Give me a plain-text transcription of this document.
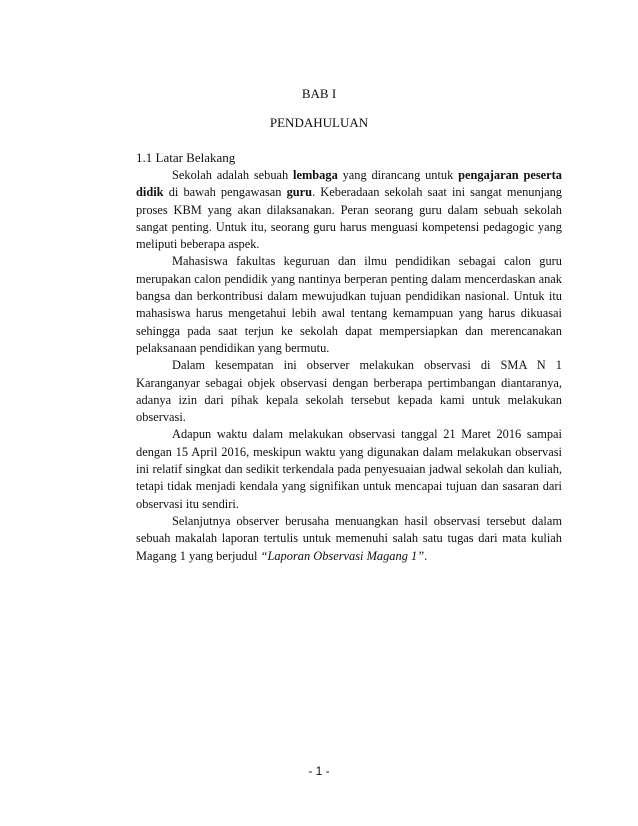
BAB I
PENDAHULUAN
1.1 Latar Belakang

Sekolah adalah sebuah lembaga yang dirancang untuk pengajaran peserta didik di bawah pengawasan guru. Keberadaan sekolah saat ini sangat menunjang proses KBM yang akan dilaksanakan. Peran seorang guru dalam sebuah sekolah sangat penting. Untuk itu, seorang guru harus menguasi kompetensi pedagogic yang meliputi beberapa aspek.

Mahasiswa fakultas keguruan dan ilmu pendidikan sebagai calon guru merupakan calon pendidik yang nantinya berperan penting dalam mencerdaskan anak bangsa dan berkontribusi dalam mewujudkan tujuan pendidikan nasional. Untuk itu mahasiswa harus mengetahui lebih awal tentang kemampuan yang harus dikuasai sehingga pada saat terjun ke sekolah dapat mempersiapkan dan merencanakan pelaksanaan pendidikan yang bermutu.

Dalam kesempatan ini observer melakukan observasi di SMA N 1 Karanganyar sebagai objek observasi dengan berberapa pertimbangan diantaranya, adanya izin dari pihak kepala sekolah tersebut kepada kami untuk melakukan observasi.

Adapun waktu dalam melakukan observasi tanggal 21 Maret 2016 sampai dengan 15 April 2016, meskipun waktu yang digunakan dalam melakukan observasi ini relatif singkat dan sedikit terkendala pada penyesuaian jadwal sekolah dan kuliah, tetapi tidak menjadi kendala yang signifikan untuk mencapai tujuan dan sasaran dari observasi itu sendiri.

Selanjutnya observer berusaha menuangkan hasil observasi tersebut dalam sebuah makalah laporan tertulis untuk memenuhi salah satu tugas dari mata kuliah Magang 1 yang berjudul “Laporan Observasi Magang 1”.

- 1 -
